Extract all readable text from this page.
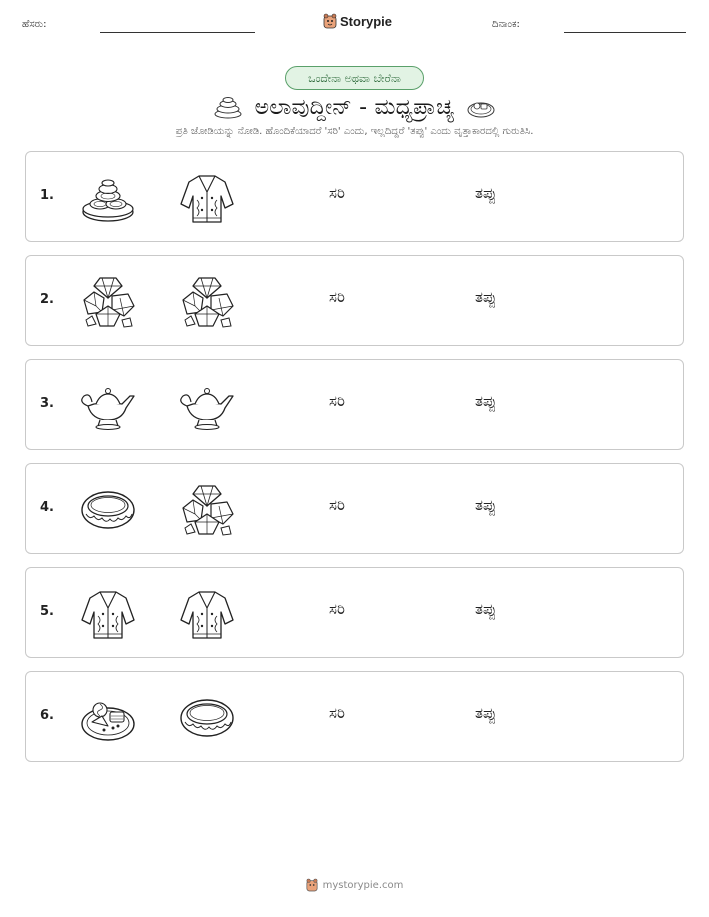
ಹೆಸರು:	Storypie	ದಿನಾಂಕ:
ಒಂದೇನಾ ಅಥವಾ ಬೇರೆನಾ
ಅಲಾವುದ್ದೀನ್ - ಮಧ್ಯಪ್ರಾಚ್ಯ
ಪ್ರತಿ ಜೋಡಿಯನ್ನು ನೋಡಿ. ಹೊಂದಿಕೆಯಾದರೆ 'ಸರಿ' ಎಂದು, ಇಲ್ಲದಿದ್ದರೆ 'ತಪ್ಪು' ಎಂದು ವೃತ್ತಾಕಾರದಲ್ಲಿ ಗುರುತಿಸಿ.
1.	ಸರಿ	ತಪ್ಪು
2.	ಸರಿ	ತಪ್ಪು
3.	ಸರಿ	ತಪ್ಪು
4.	ಸರಿ	ತಪ್ಪು
5.	ಸರಿ	ತಪ್ಪು
6.	ಸರಿ	ತಪ್ಪು
mystorypie.com
